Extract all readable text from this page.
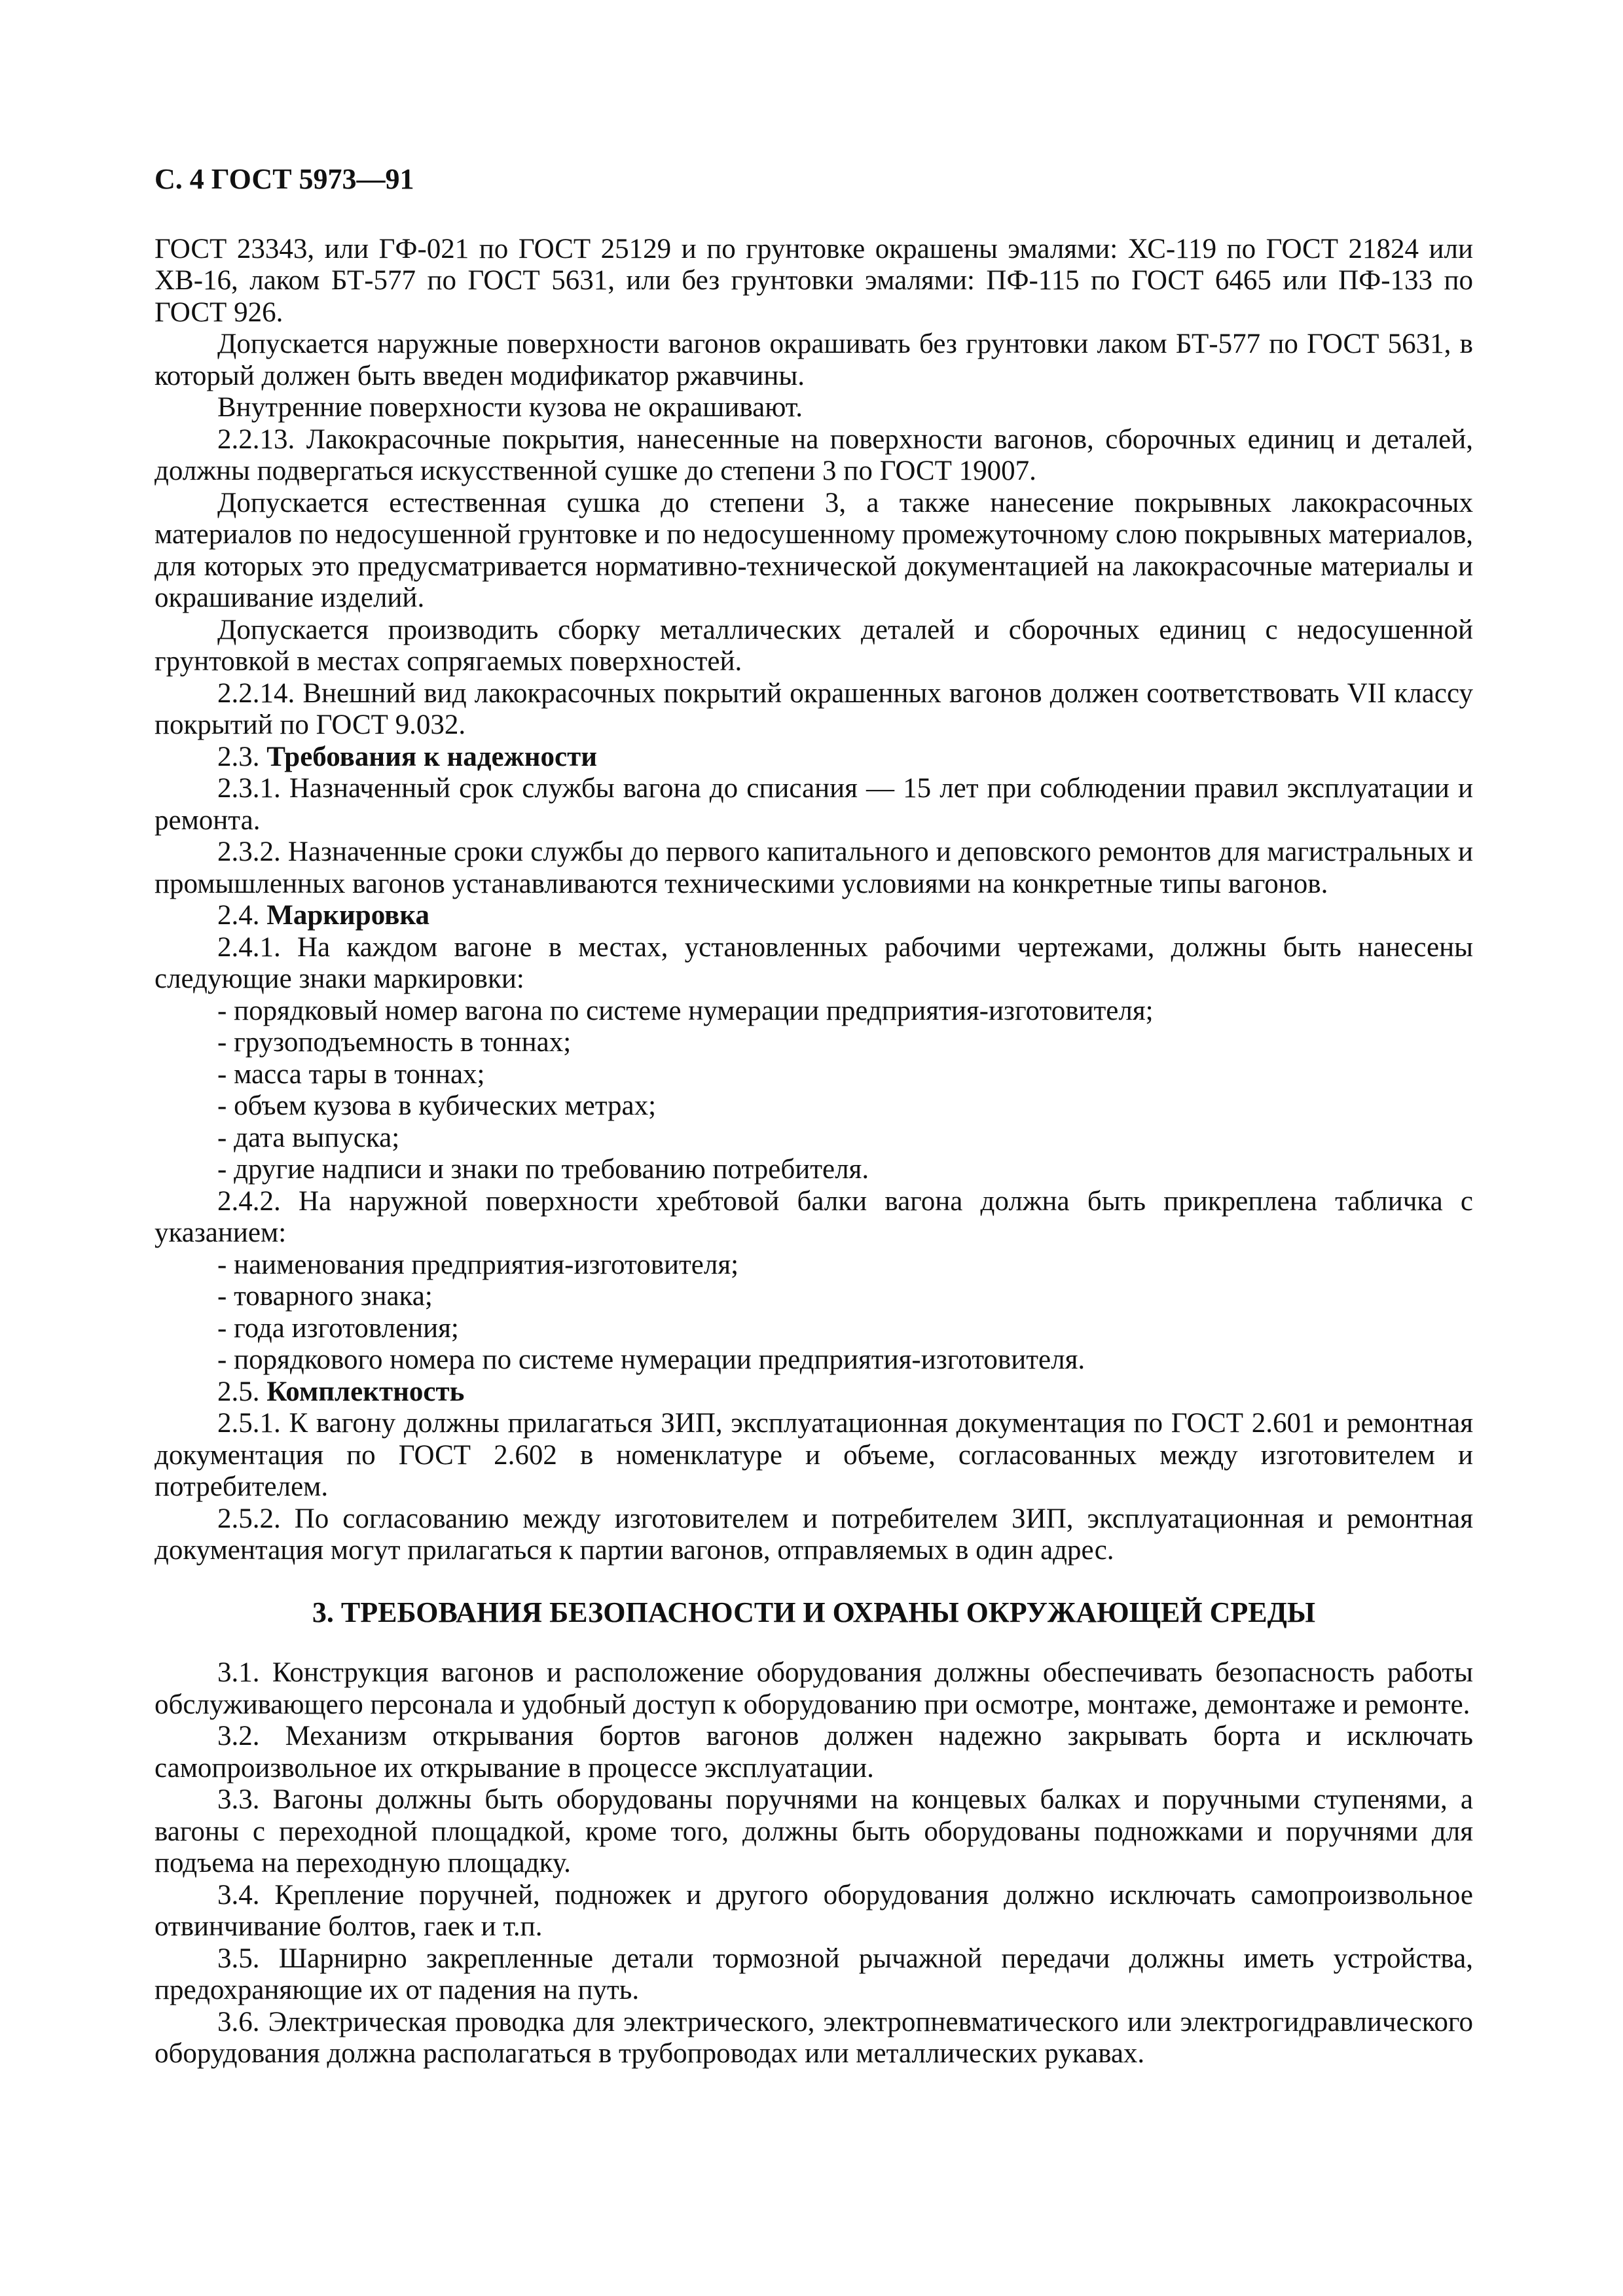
С. 4 ГОСТ 5973—91

ГОСТ 23343, или ГФ-021 по ГОСТ 25129 и по грунтовке окрашены эмалями: ХС-119 по ГОСТ 21824 или ХВ-16, лаком БТ-577 по ГОСТ 5631, или без грунтовки эмалями: ПФ-115 по ГОСТ 6465 или ПФ-133 по ГОСТ 926.

Допускается наружные поверхности вагонов окрашивать без грунтовки лаком БТ-577 по ГОСТ 5631, в который должен быть введен модификатор ржавчины.

Внутренние поверхности кузова не окрашивают.

2.2.13. Лакокрасочные покрытия, нанесенные на поверхности вагонов, сборочных единиц и деталей, должны подвергаться искусственной сушке до степени 3 по ГОСТ 19007.

Допускается естественная сушка до степени 3, а также нанесение покрывных лакокрасочных материалов по недосушенной грунтовке и по недосушенному промежуточному слою покрывных материалов, для которых это предусматривается нормативно-технической документацией на лакокрасочные материалы и окрашивание изделий.

Допускается производить сборку металлических деталей и сборочных единиц с недосушенной грунтовкой в местах сопрягаемых поверхностей.

2.2.14. Внешний вид лакокрасочных покрытий окрашенных вагонов должен соответствовать VII классу покрытий по ГОСТ 9.032.

2.3. Требования к надежности

2.3.1. Назначенный срок службы вагона до списания — 15 лет при соблюдении правил эксплуатации и ремонта.

2.3.2. Назначенные сроки службы до первого капитального и деповского ремонтов для магистральных и промышленных вагонов устанавливаются техническими условиями на конкретные типы вагонов.

2.4. Маркировка

2.4.1. На каждом вагоне в местах, установленных рабочими чертежами, должны быть нанесены следующие знаки маркировки:

- порядковый номер вагона по системе нумерации предприятия-изготовителя;
- грузоподъемность в тоннах;
- масса тары в тоннах;
- объем кузова в кубических метрах;
- дата выпуска;
- другие надписи и знаки по требованию потребителя.

2.4.2. На наружной поверхности хребтовой балки вагона должна быть прикреплена табличка с указанием:

- наименования предприятия-изготовителя;
- товарного знака;
- года изготовления;
- порядкового номера по системе нумерации предприятия-изготовителя.

2.5. Комплектность

2.5.1. К вагону должны прилагаться ЗИП, эксплуатационная документация по ГОСТ 2.601 и ремонтная документация по ГОСТ 2.602 в номенклатуре и объеме, согласованных между изготовителем и потребителем.

2.5.2. По согласованию между изготовителем и потребителем ЗИП, эксплуатационная и ремонтная документация могут прилагаться к партии вагонов, отправляемых в один адрес.

3. ТРЕБОВАНИЯ БЕЗОПАСНОСТИ И ОХРАНЫ ОКРУЖАЮЩЕЙ СРЕДЫ

3.1. Конструкция вагонов и расположение оборудования должны обеспечивать безопасность работы обслуживающего персонала и удобный доступ к оборудованию при осмотре, монтаже, демонтаже и ремонте.

3.2. Механизм открывания бортов вагонов должен надежно закрывать борта и исключать самопроизвольное их открывание в процессе эксплуатации.

3.3. Вагоны должны быть оборудованы поручнями на концевых балках и поручными ступенями, а вагоны с переходной площадкой, кроме того, должны быть оборудованы подножками и поручнями для подъема на переходную площадку.

3.4. Крепление поручней, подножек и другого оборудования должно исключать самопроизвольное отвинчивание болтов, гаек и т.п.

3.5. Шарнирно закрепленные детали тормозной рычажной передачи должны иметь устройства, предохраняющие их от падения на путь.

3.6. Электрическая проводка для электрического, электропневматического или электрогидравлического оборудования должна располагаться в трубопроводах или металлических рукавах.
